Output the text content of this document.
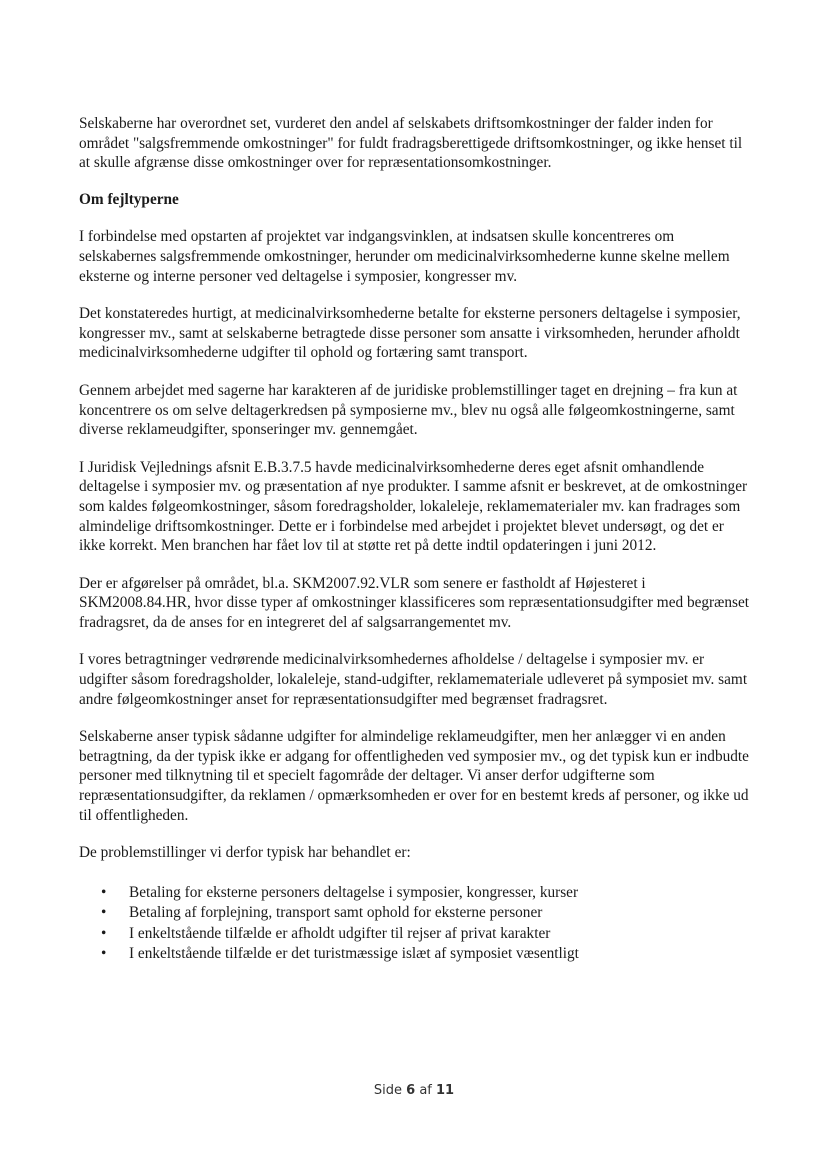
Selskaberne har overordnet set, vurderet den andel af selskabets driftsomkostninger der falder inden for området "salgsfremmende omkostninger" for fuldt fradragsberettigede driftsomkostninger, og ikke henset til at skulle afgrænse disse omkostninger over for repræsentationsomkostninger.

Om fejltyperne

I forbindelse med opstarten af projektet var indgangsvinklen, at indsatsen skulle koncentreres om selskabernes salgsfremmende omkostninger, herunder om medicinalvirksomhederne kunne skelne mellem eksterne og interne personer ved deltagelse i symposier, kongresser mv.

Det konstateredes hurtigt, at medicinalvirksomhederne betalte for eksterne personers deltagelse i symposier, kongresser mv., samt at selskaberne betragtede disse personer som ansatte i virksomheden, herunder afholdt medicinalvirksomhederne udgifter til ophold og fortæring samt transport.

Gennem arbejdet med sagerne har karakteren af de juridiske problemstillinger taget en drejning – fra kun at koncentrere os om selve deltagerkredsen på symposierne mv., blev nu også alle følgeomkostningerne, samt diverse reklameudgifter, sponseringer mv. gennemgået.

I Juridisk Vejlednings afsnit E.B.3.7.5 havde medicinalvirksomhederne deres eget afsnit omhandlende deltagelse i symposier mv. og præsentation af nye produkter. I samme afsnit er beskrevet, at de omkostninger som kaldes følgeomkostninger, såsom foredragsholder, lokaleleje, reklamematerialer mv. kan fradrages som almindelige driftsomkostninger. Dette er i forbindelse med arbejdet i projektet blevet undersøgt, og det er ikke korrekt. Men branchen har fået lov til at støtte ret på dette indtil opdateringen i juni 2012.

Der er afgørelser på området, bl.a. SKM2007.92.VLR som senere er fastholdt af Højesteret i SKM2008.84.HR, hvor disse typer af omkostninger klassificeres som repræsentationsudgifter med begrænset fradragsret, da de anses for en integreret del af salgsarrangementet mv.

I vores betragtninger vedrørende medicinalvirksomhedernes afholdelse / deltagelse i symposier mv. er udgifter såsom foredragsholder, lokaleleje, stand-udgifter, reklamemateriale udleveret på symposiet mv. samt andre følgeomkostninger anset for repræsentationsudgifter med begrænset fradragsret.

Selskaberne anser typisk sådanne udgifter for almindelige reklameudgifter, men her anlægger vi en anden betragtning, da der typisk ikke er adgang for offentligheden ved symposier mv., og det typisk kun er indbudte personer med tilknytning til et specielt fagområde der deltager. Vi anser derfor udgifterne som repræsentationsudgifter, da reklamen / opmærksomheden er over for en bestemt kreds af personer, og ikke ud til offentligheden.

De problemstillinger vi derfor typisk har behandlet er:

• Betaling for eksterne personers deltagelse i symposier, kongresser, kurser
• Betaling af forplejning, transport samt ophold for eksterne personer
• I enkeltstående tilfælde er afholdt udgifter til rejser af privat karakter
• I enkeltstående tilfælde er det turistmæssige islæt af symposiet væsentligt
Side 6 af 11
